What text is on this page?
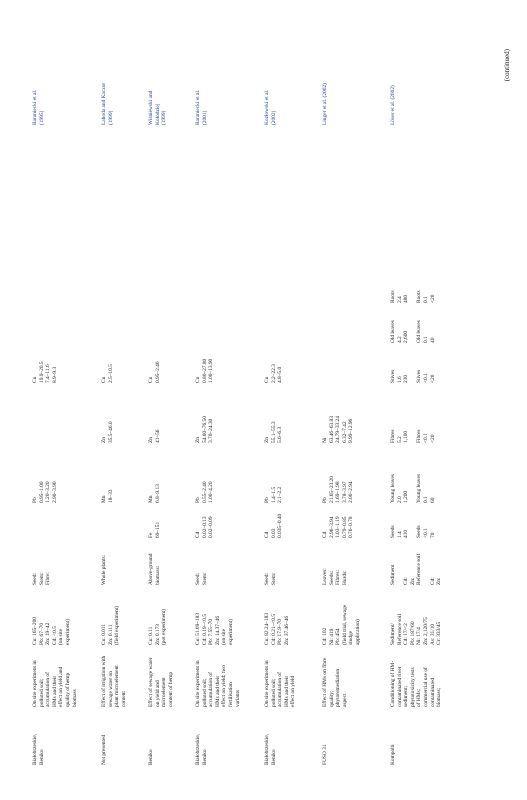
Białobrzeskie,
Beniko
On site experiment in
polluted soil;
accumulation of
HMs and their
effect on yield and
quality of hemp
biomass
Cu: 165–200
Pb: 67–70
Zn: 19–42
Cd: <0.5
(on site
experiment)
Seed:
Stem:
Fibre:
Pb 0.95–1.00 1.20–3.20 2.90–3.90
Cu 19.9–20.5 7.4–11.6 8.9–9.3
Baraniecki et al.
(1995)
Not presented
Effect of irrigation with
sewage water on
plant microelement
content
Cu: 0.011
Zn: 0.111
(field experiment)
Whole plants:
Mn 18–33
Zn 35.5–46.0
Cu 2.5–10.5
Lahoda and Kaczor
(1999)
Beniko
Effect of sewage water
on yield and
microelement
content of hemp
Cu: 0.11
Zn: 0.173
(pot experiment)
Above-ground
biomass:
Fe 69–151
Mn 6.8–9.13
Zn 41–56
Cu 0.95–2.46
Wiśniewski and
Kołodziej
(1999)
Białobrzeskie,
Beniko
On site experiment in
polluted soil;
accumulation of
HMs and their
effect on yield; two
fertilisation
variants
Cu: 51.69–183
Cd: 0.19–<0.5
Pb: 7.55–70
Zn: 14.37–46
(on site
experiment)
Seed:
Stem:
Cd 0.02–0.13 0.02–0.09
Pb 0.55–2.40 1.00–4.20
Zn 54.60–76.50 3.70–24.30
Cu 0.80–27.80 1.00–13.90
Baraniecki et al.
(2001)
Białobrzeskie,
Beniko
On site experiment in
polluted soil;
accumulation of
HMs and their
effect on yield
Cu: 82.24–183
Cd: 0.21–<0.5
Pb: 17.9–70
Zn: 37.46–46
Seed:
Stem:
Cd 0.03 0.035–0.40
Pb 1.4–1.5 2.1–2.2
Zn 55.1–55.3 5.6–6.3
Cu 2.2–22.3 4.8–5.0
Kozłowski et al.
(2002)
FUSO 31
Effect of HMs on fibre
quality;
phytoremediation
aspect
Cd: 102
Ni: 419
Pb: 454
(field trial, sewage
sludge
application)
Leaves:
Seeds:
Fibres:
Hurds:
Cd 2.96–3.94 1.03–1.19 0.79–0.85 0.76–0.78
Pb 21.65–23.20 1.69–1.98 3.78–3.97 2.00–2.94
Ni 63.46–63.83 24.79–33.24 6.32–7.42 9.99–12.96
Linger et al. (2002)
Kompolti
Conditioning of HM-
contaminated river
sediment;
phytotoxicity tests
of HMs;
commercial use of
contaminated
biomass;
Sediment/
Reference soil
Cd: 17/<2
Pb: 187/60
Ni: 17/4
Zn: 2,120/75
As: 31/10
Cr: 333/45
Sediment

Cd:
Zn:
Reference soil

Cd:
Zn:
Seeds 1.4 410
Seeds <0.1 70
Young leaves 2.0 1,200
Young leaves 0.1 60
Fibres 5.2 1,100
Fibres <0.1 <20
Stives 1.6 230
Stives <0.1 <20
Old leaves 4.2 2,600
Old leaves 0.1 40
Roots 2.4 480
Roots 0.1 <20
Löser et al. (2002)
(continued)
